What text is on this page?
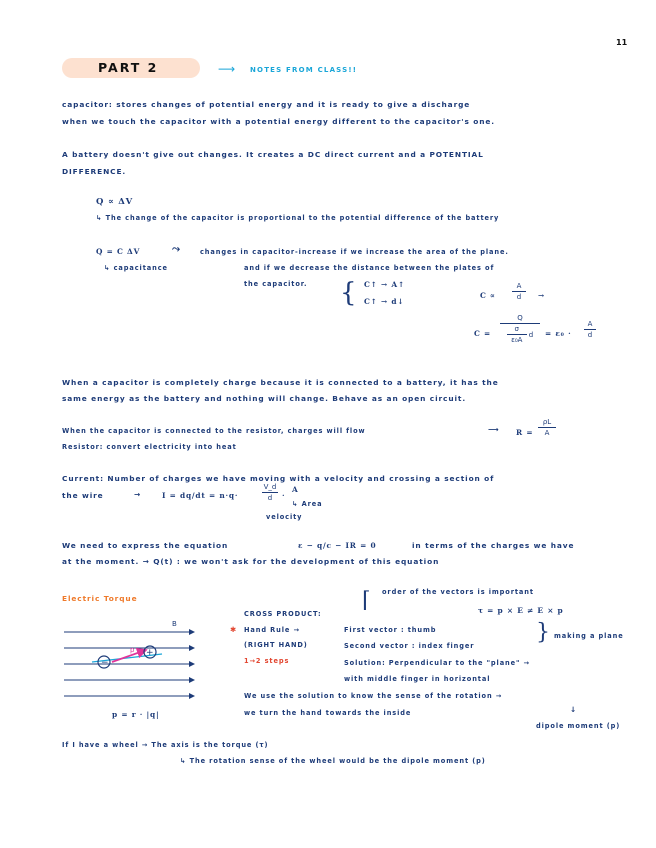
11
PART 2	⟶ NOTES FROM CLASS!!
capacitor: stores changes of potential energy and it is ready to give a discharge
when we touch the capacitor with a potential energy different to the capacitor's one.
A battery doesn't give out changes. It creates a DC direct current and a POTENTIAL
DIFFERENCE.
Q ∝ ΔV
↳ The change of the capacitor is proportional to the potential difference of the battery
Q = C ΔV	⤳
↳ capacitance
changes in capacitor-increase if we increase the area of the plane.
and if we decrease the distance between the plates of
the capacitor. { C↑ → A↑
C↑ → d↓
C ∝
A
d	→
C =
Q
σ
ε₀A
d = ε₀ ·
A
d
When a capacitor is completely charge because it is connected to a battery, it has the
same energy as the battery and nothing will change. Behave as an open circuit.
When the capacitor is connected to the resistor, charges will flow	⟶ R =
ρL
A
Resistor: convert electricity into heat
Current: Number of charges we have moving with a velocity and crossing a section of
the wire	→	I = dq/dt = n·q·
V_d
d	·
A
↳ Area
velocity
We need to express the equation	ε − q/c − IR = 0	in terms of the charges we have
at the moment. → Q(t) : we won't ask for the development of this equation
Electric Torque
−
+
p
B
p = r · |q|
⌈ order of the vectors is important
τ = p × E ≠ E × p
CROSS PRODUCT:
✱ Hand Rule →
(RIGHT HAND)
1→2 steps
First vector : thumb
Second vector : index finger
} making a plane
Solution: Perpendicular to the "plane" →
with middle finger in horizontal
We use the solution to know the sense of the rotation →
we turn the hand towards the inside	↓
dipole moment (p)
If I have a wheel → The axis is the torque (τ)
↳ The rotation sense of the wheel would be the dipole moment (p)
